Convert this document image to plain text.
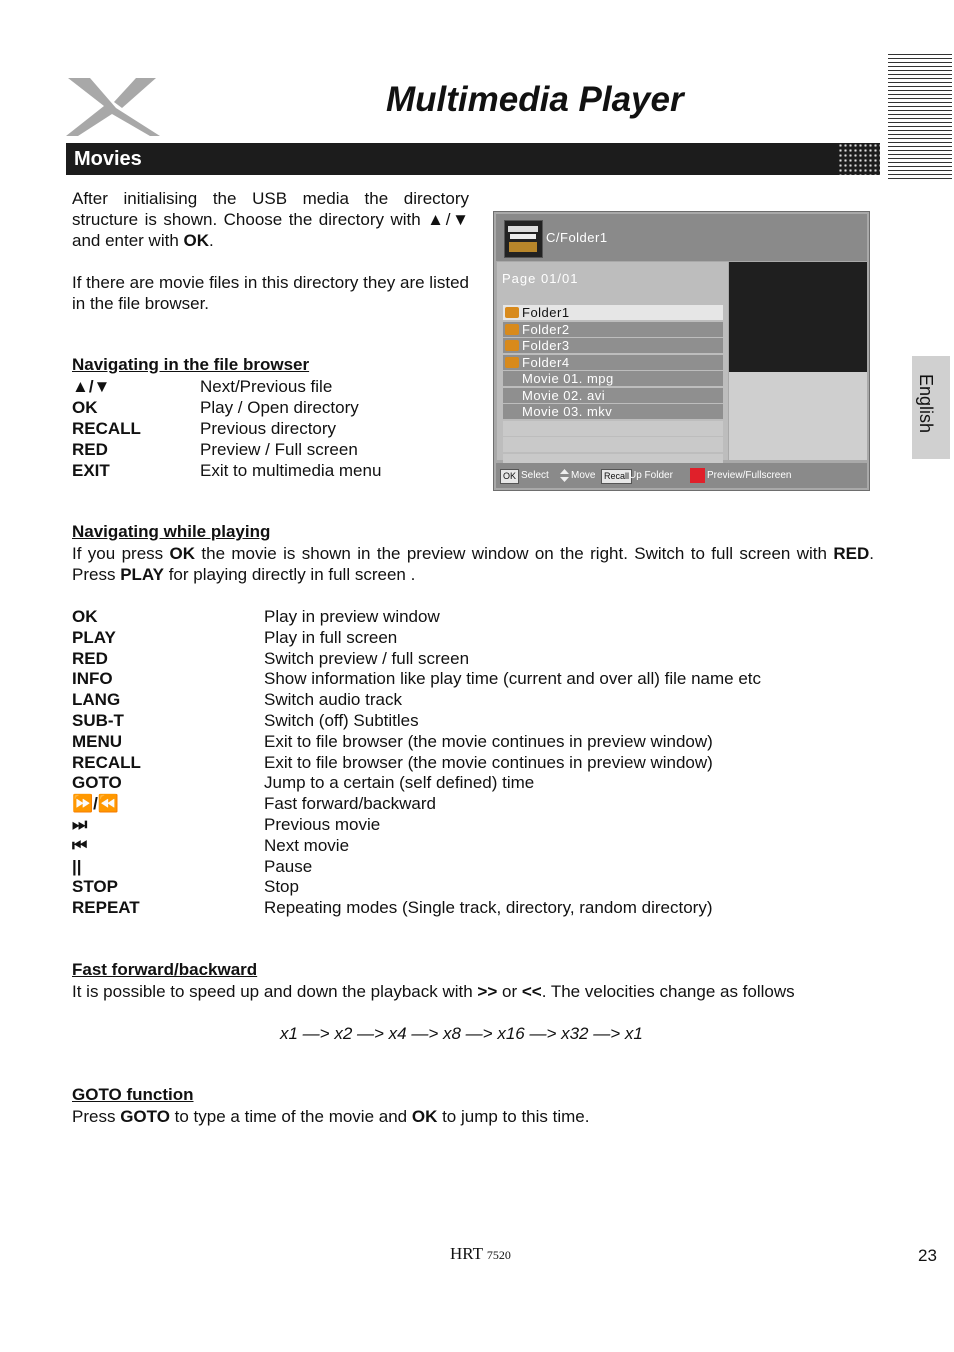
Multimedia Player
Movies
English
After initialising the USB media the directory structure is shown. Choose the directory with ▲/▼ and enter with OK.
If there are movie files in this directory they are listed in the file browser.
Navigating in the file browser
▲/▼	Next/Previous file
OK	Play / Open directory
RECALL	Previous directory
RED	Preview / Full screen
EXIT	Exit to multimedia menu
C/Folder1
Page 01/01
Folder1
Folder2
Folder3
Folder4
Movie 01. mpg
Movie 02. avi
Movie 03. mkv
OK Select Move Recall Up Folder	Preview/Fullscreen
Navigating while playing
If you press OK the movie is shown in the preview window on the right. Switch to full screen with RED. Press PLAY for playing directly in full screen .
OK	Play in preview window
PLAY	Play in full screen
RED	Switch preview / full screen
INFO	Show information like play time (current and over all) file name etc
LANG	Switch audio track
SUB-T	Switch (off) Subtitles
MENU	Exit to file browser (the movie continues in preview window)
RECALL	Exit to file browser (the movie continues in preview window)
GOTO	Jump to a certain (self defined) time
⏩/⏪	Fast forward/backward
⏭	Previous movie
⏮	Next movie
||	Pause
STOP	Stop
REPEAT	Repeating modes (Single track, directory, random directory)
Fast forward/backward
It is possible to speed up and down the playback with >> or <<. The velocities change as follows
x1 —> x2 —> x4 —> x8 —> x16 —> x32 —> x1
GOTO function
Press GOTO to type a time of the movie and OK to jump to this time.
HRT 7520	23
